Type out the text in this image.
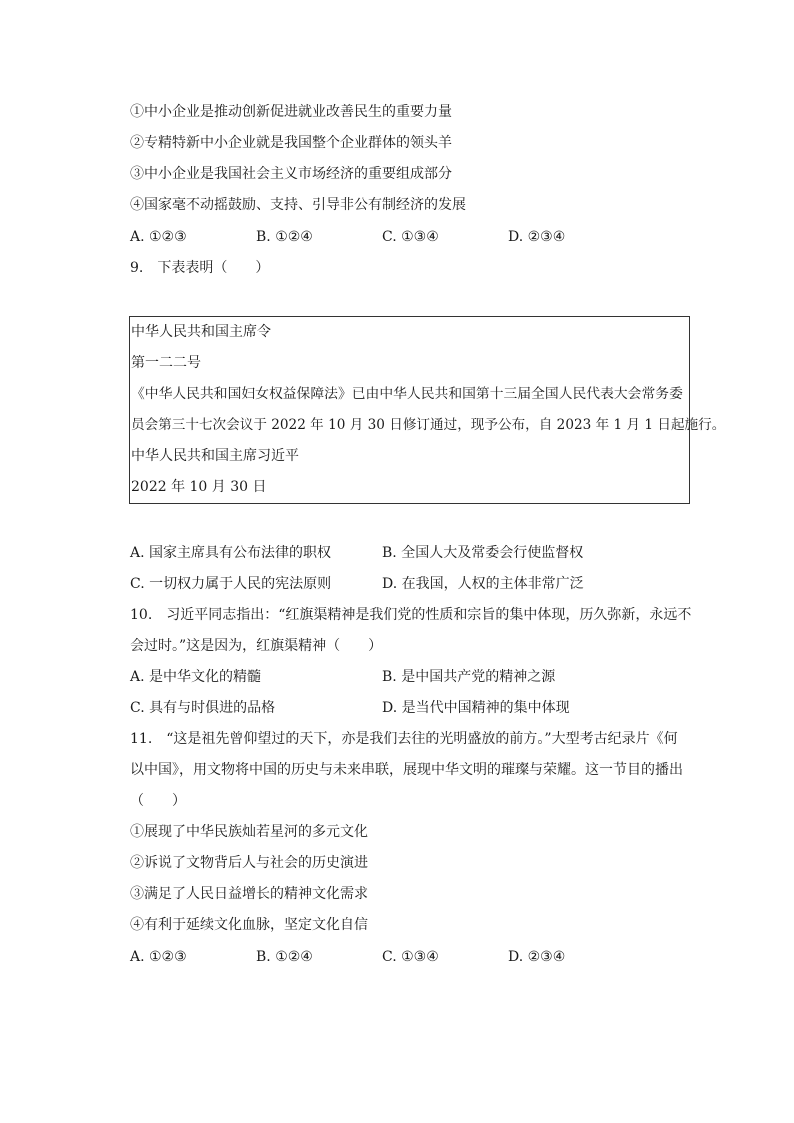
①中小企业是推动创新促进就业改善民生的重要力量
②专精特新中小企业就是我国整个企业群体的领头羊
③中小企业是我国社会主义市场经济的重要组成部分
④国家毫不动摇鼓励、支持、引导非公有制经济的发展
A. ①②③	B. ①②④	C. ①③④	D. ②③④
9.　下表表明（　　）
中华人民共和国主席令
第一二二号
《中华人民共和国妇女权益保障法》已由中华人民共和国第十三届全国人民代表大会常务委
员会第三十七次会议于 2022 年 10 月 30 日修订通过，现予公布，自 2023 年 1 月 1 日起施行。
中华人民共和国主席习近平
2022 年 10 月 30 日
A. 国家主席具有公布法律的职权	B. 全国人大及常委会行使监督权
C. 一切权力属于人民的宪法原则	D. 在我国，人权的主体非常广泛
10.　习近平同志指出：“红旗渠精神是我们党的性质和宗旨的集中体现，历久弥新，永远不
会过时。”这是因为，红旗渠精神（　　）
A. 是中华文化的精髓	B. 是中国共产党的精神之源
C. 具有与时俱进的品格	D. 是当代中国精神的集中体现
11.　“这是祖先曾仰望过的天下，亦是我们去往的光明盛放的前方。”大型考古纪录片《何
以中国》，用文物将中国的历史与未来串联，展现中华文明的璀璨与荣耀。这一节目的播出
（　　）
①展现了中华民族灿若星河的多元文化
②诉说了文物背后人与社会的历史演进
③满足了人民日益增长的精神文化需求
④有利于延续文化血脉，坚定文化自信
A. ①②③	B. ①②④	C. ①③④	D. ②③④
